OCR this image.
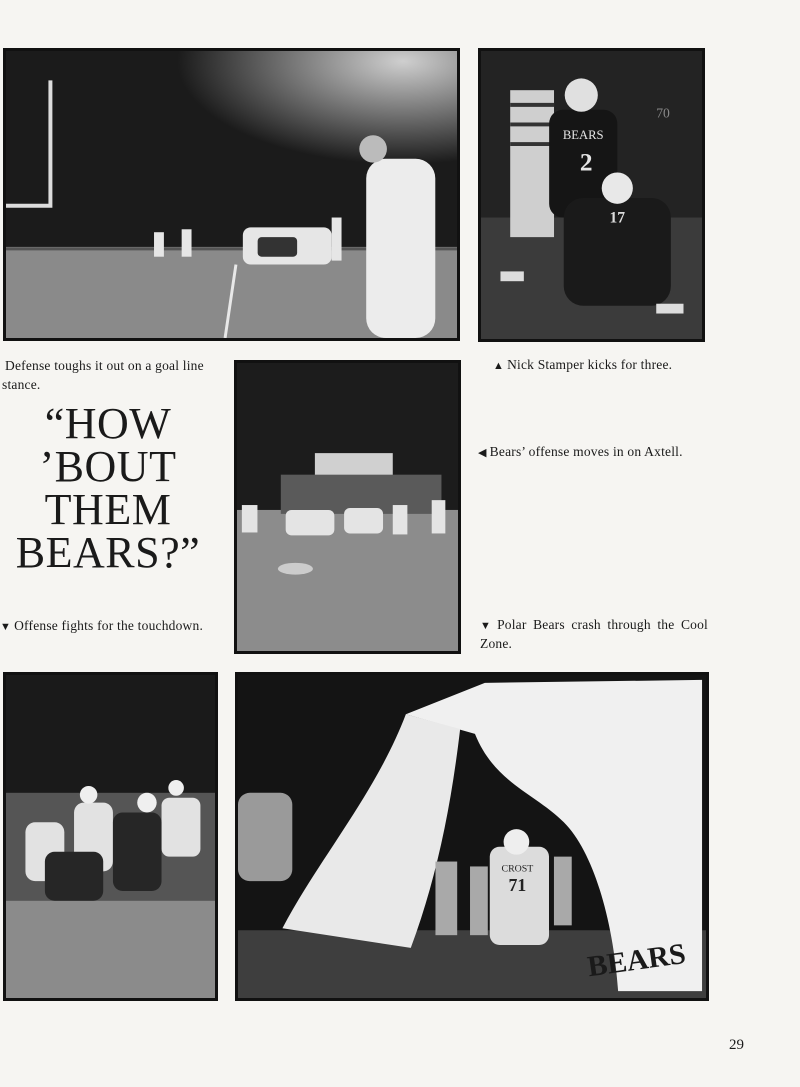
BEARS
2
17
70
Defense toughs it out on a goal line stance.
▲ Nick Stamper kicks for three.
“HOW
’BOUT
THEM
BEARS?”
◀ Bears’ offense moves in on Axtell.
▼ Offense fights for the touchdown.	▼ Polar Bears crash through the Cool Zone.
BEARS
CROST
71
29
